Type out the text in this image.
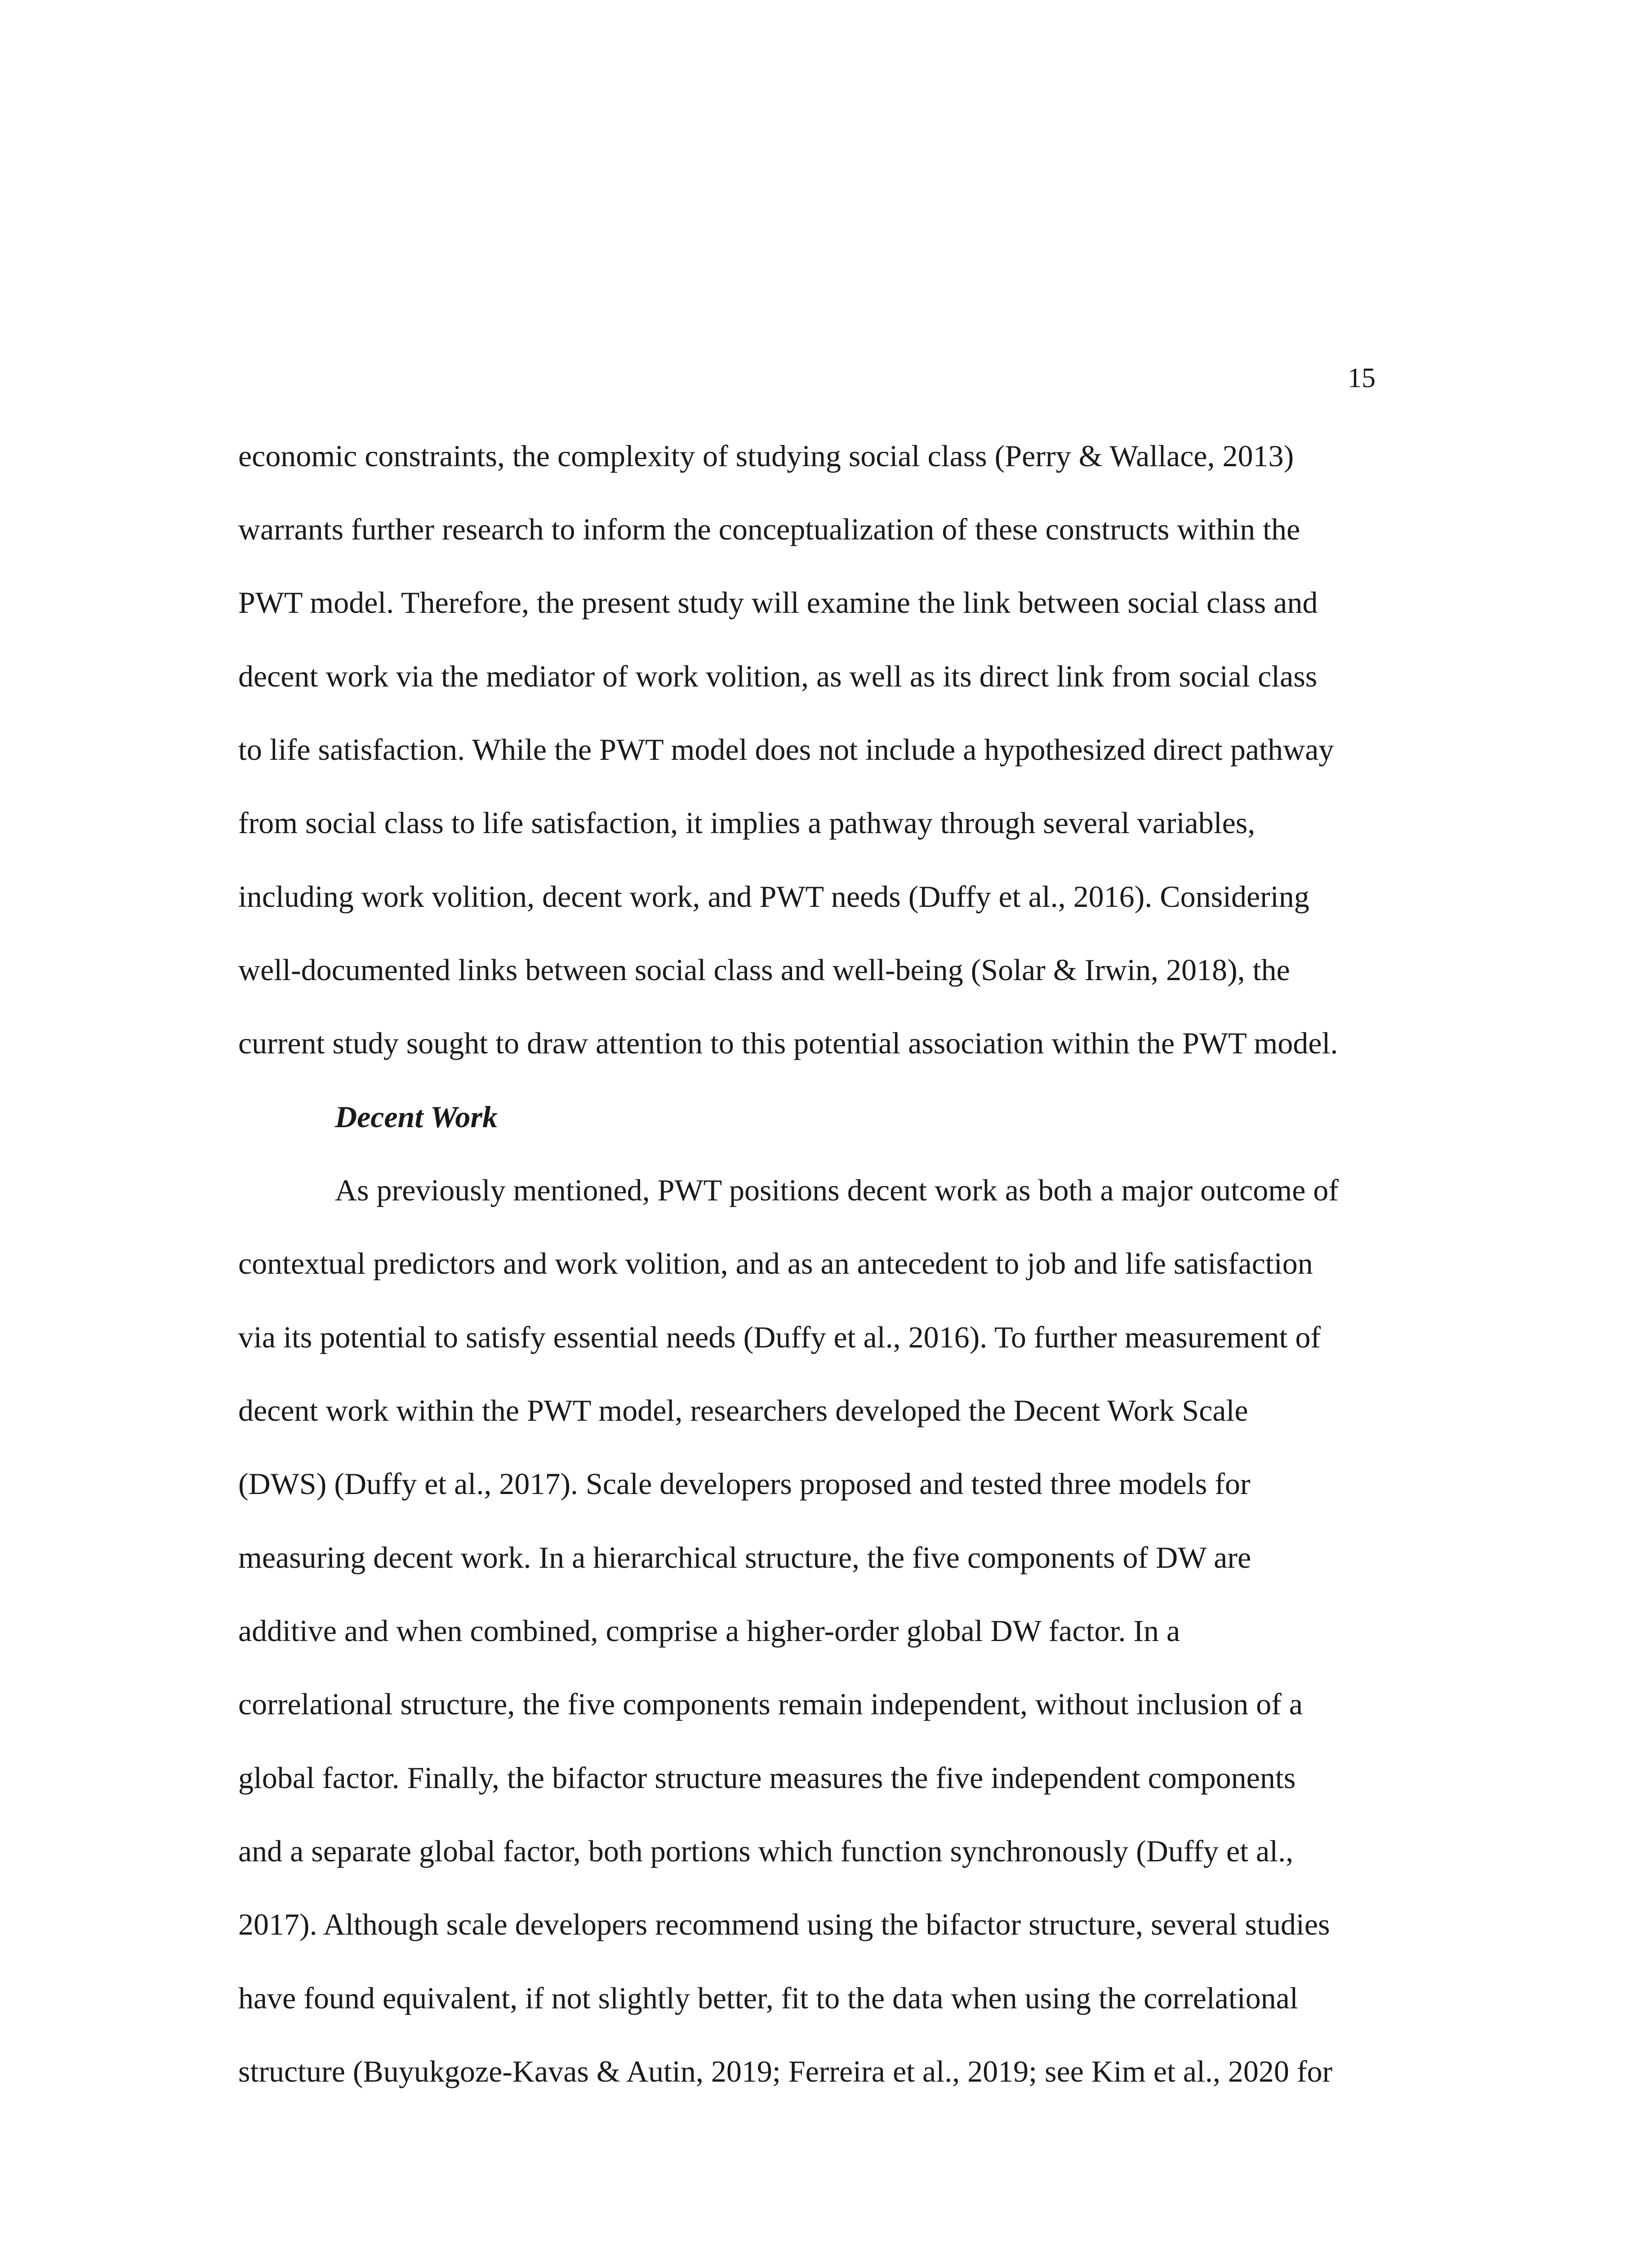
15
economic constraints, the complexity of studying social class (Perry & Wallace, 2013)
warrants further research to inform the conceptualization of these constructs within the
PWT model. Therefore, the present study will examine the link between social class and
decent work via the mediator of work volition, as well as its direct link from social class
to life satisfaction. While the PWT model does not include a hypothesized direct pathway
from social class to life satisfaction, it implies a pathway through several variables,
including work volition, decent work, and PWT needs (Duffy et al., 2016). Considering
well-documented links between social class and well-being (Solar & Irwin, 2018), the
current study sought to draw attention to this potential association within the PWT model.
Decent Work
As previously mentioned, PWT positions decent work as both a major outcome of
contextual predictors and work volition, and as an antecedent to job and life satisfaction
via its potential to satisfy essential needs (Duffy et al., 2016). To further measurement of
decent work within the PWT model, researchers developed the Decent Work Scale
(DWS) (Duffy et al., 2017). Scale developers proposed and tested three models for
measuring decent work. In a hierarchical structure, the five components of DW are
additive and when combined, comprise a higher-order global DW factor. In a
correlational structure, the five components remain independent, without inclusion of a
global factor. Finally, the bifactor structure measures the five independent components
and a separate global factor, both portions which function synchronously (Duffy et al.,
2017). Although scale developers recommend using the bifactor structure, several studies
have found equivalent, if not slightly better, fit to the data when using the correlational
structure (Buyukgoze-Kavas & Autin, 2019; Ferreira et al., 2019; see Kim et al., 2020 for
